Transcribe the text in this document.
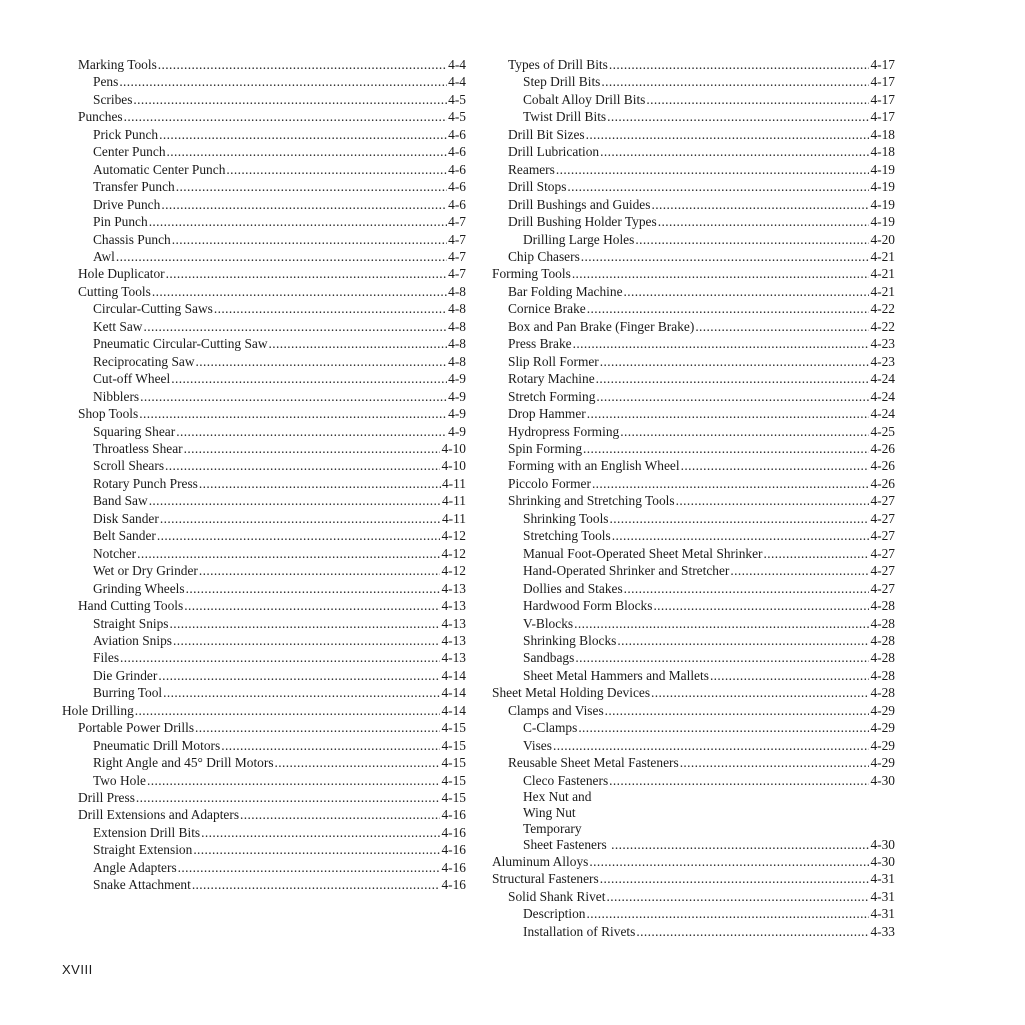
Marking Tools .....	4-4
Pens .....	4-4
Scribes .....	4-5
Punches .....	4-5
Prick Punch .....	4-6
Center Punch .....	4-6
Automatic Center Punch .....	4-6
Transfer Punch .....	4-6
Drive Punch .....	4-6
Pin Punch .....	4-7
Chassis Punch .....	4-7
Awl .....	4-7
Hole Duplicator .....	4-7
Cutting Tools .....	4-8
Circular-Cutting Saws .....	4-8
Kett Saw .....	4-8
Pneumatic Circular-Cutting Saw .....	4-8
Reciprocating Saw .....	4-8
Cut-off Wheel .....	4-9
Nibblers .....	4-9
Shop Tools .....	4-9
Squaring Shear .....	4-9
Throatless Shear .....	4-10
Scroll Shears .....	4-10
Rotary Punch Press .....	4-11
Band Saw .....	4-11
Disk Sander .....	4-11
Belt Sander .....	4-12
Notcher .....	4-12
Wet or Dry Grinder .....	4-12
Grinding Wheels .....	4-13
Hand Cutting Tools .....	4-13
Straight Snips .....	4-13
Aviation Snips .....	4-13
Files .....	4-13
Die Grinder .....	4-14
Burring Tool .....	4-14
Hole Drilling .....	4-14
Portable Power Drills .....	4-15
Pneumatic Drill Motors .....	4-15
Right Angle and 45° Drill Motors .....	4-15
Two Hole .....	4-15
Drill Press .....	4-15
Drill Extensions and Adapters .....	4-16
Extension Drill Bits .....	4-16
Straight Extension .....	4-16
Angle Adapters .....	4-16
Snake Attachment .....	4-16
Types of Drill Bits .....	4-17
Step Drill Bits .....	4-17
Cobalt Alloy Drill Bits .....	4-17
Twist Drill Bits .....	4-17
Drill Bit Sizes .....	4-18
Drill Lubrication .....	4-18
Reamers .....	4-19
Drill Stops .....	4-19
Drill Bushings and Guides .....	4-19
Drill Bushing Holder Types .....	4-19
Drilling Large Holes .....	4-20
Chip Chasers .....	4-21
Forming Tools .....	4-21
Bar Folding Machine .....	4-21
Cornice Brake .....	4-22
Box and Pan Brake (Finger Brake) .....	4-22
Press Brake .....	4-23
Slip Roll Former .....	4-23
Rotary Machine .....	4-24
Stretch Forming .....	4-24
Drop Hammer .....	4-24
Hydropress Forming .....	4-25
Spin Forming .....	4-26
Forming with an English Wheel .....	4-26
Piccolo Former .....	4-26
Shrinking and Stretching Tools .....	4-27
Shrinking Tools .....	4-27
Stretching Tools .....	4-27
Manual Foot-Operated Sheet Metal Shrinker .....	4-27
Hand-Operated Shrinker and Stretcher .....	4-27
Dollies and Stakes .....	4-27
Hardwood Form Blocks .....	4-28
V-Blocks .....	4-28
Shrinking Blocks .....	4-28
Sandbags .....	4-28
Sheet Metal Hammers and Mallets .....	4-28
Sheet Metal Holding Devices .....	4-28
Clamps and Vises .....	4-29
C-Clamps .....	4-29
Vises .....	4-29
Reusable Sheet Metal Fasteners .....	4-29
Cleco Fasteners .....	4-30
Hex Nut and Wing Nut Temporary Sheet Fasteners .....	4-30
Aluminum Alloys .....	4-30
Structural Fasteners .....	4-31
Solid Shank Rivet .....	4-31
Description .....	4-31
Installation of Rivets .....	4-33
XVIII
